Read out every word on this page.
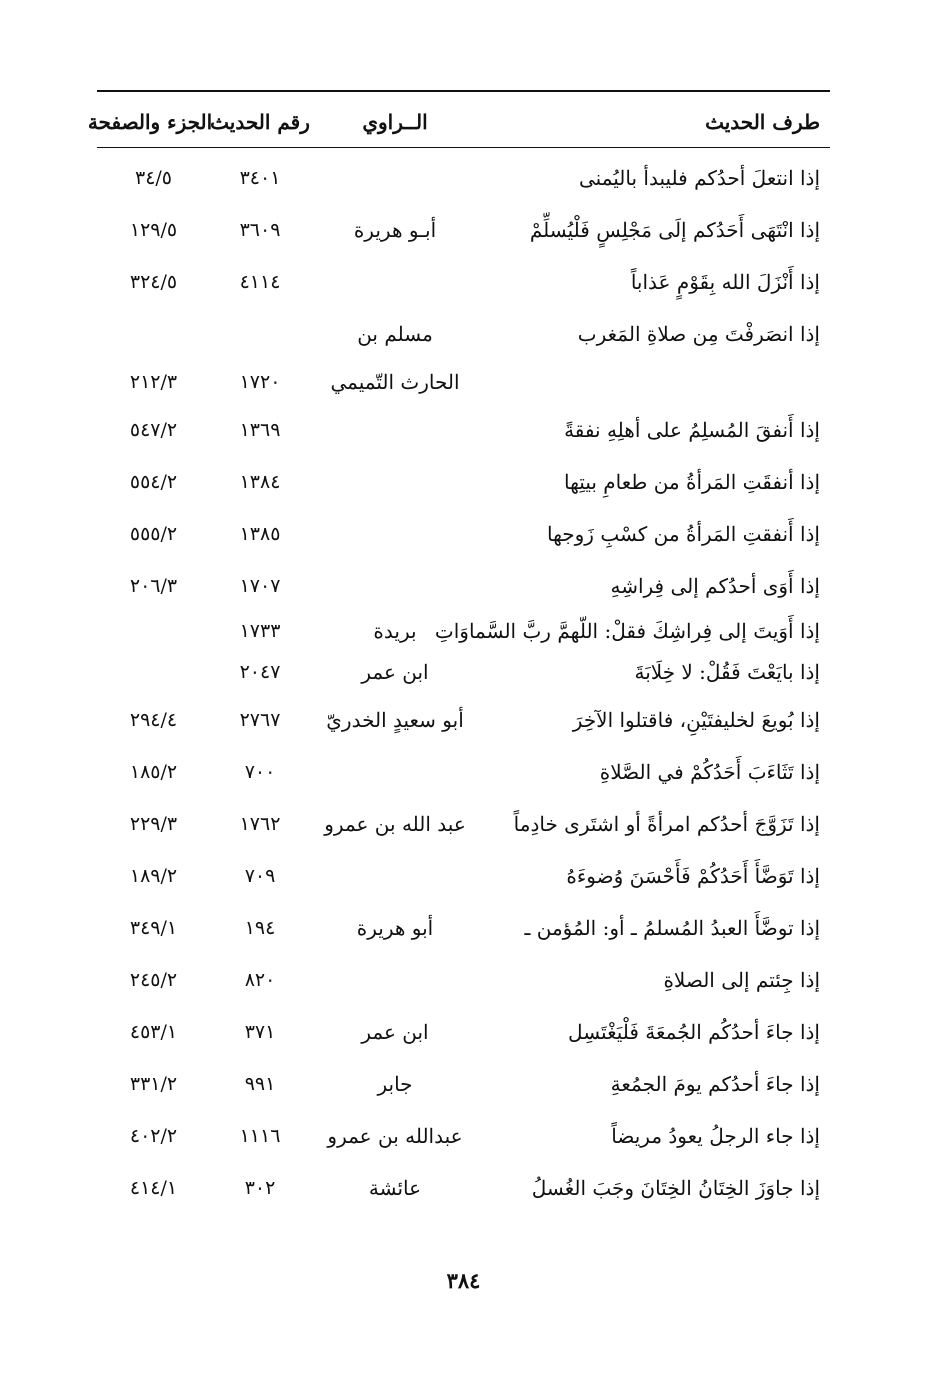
طرف الحديث
الــراوي
رقم الحديث
الجزء والصفحة
إذا انتعلَ أحدُكم فليبدأ باليُمنى
٣٤٠١
٣٤/٥
إذا انْتَهَى أَحَدُكم إلَى مَجْلِسٍ فَلْيُسلِّمْ
أبـو هريرة
٣٦٠٩
١٢٩/٥
إذا أَنْزَلَ الله بِقَوْمٍ عَذاباً
٤١١٤
٣٢٤/٥
إذا انصَرفْتَ مِن صلاةِ المَغرب
مسلم بن
الحارث التّميمي
١٧٢٠
٢١٢/٣
إذا أَنفقَ المُسلِمُ على أهلِهِ نفقةً
١٣٦٩
٥٤٧/٢
إذا أنفقَتِ المَرأةُ من طعامِ بيتِها
١٣٨٤
٥٥٤/٢
إذا أَنفقتِ المَرأةُ من كسْبِ زَوجها
١٣٨٥
٥٥٥/٢
إذا أَوَى أحدُكم إلى فِراشِهِ
١٧٠٧
٢٠٦/٣
إذا أَوَيتَ إلى فِراشِكَ فقلْ: اللّهمَّ ربَّ السَّماوَاتِ
بريدة
١٧٣٣
إذا بايَعْتَ فَقُلْ: لا خِلَابَةَ
ابن عمر
٢٠٤٧
إذا بُويعَ لخليفتَيْنِ، فاقتلوا الآخِرَ
أبو سعيدٍ الخدريّ
٢٧٦٧
٢٩٤/٤
إذا تَثَاءَبَ أَحَدُكُمْ في الصَّلاةِ
٧٠٠
١٨٥/٢
إذا تَزَوَّجَ أحدُكم امرأةً أو اشتَرى خادِماً
عبد الله بن عمرو
١٧٦٢
٢٢٩/٣
إذا تَوَضَّأَ أَحَدُكُمْ فَأَحْسَنَ وُضوءَهُ
٧٠٩
١٨٩/٢
إذا توضَّأَ العبدُ المُسلمُ ـ أو: المُؤمن ـ
أبو هريرة
١٩٤
٣٤٩/١
إذا جِئتم إلى الصلاةِ
٨٢٠
٢٤٥/٢
إذا جاءَ أحدُكُم الجُمعَةَ فَلْيَغْتَسِل
ابن عمر
٣٧١
٤٥٣/١
إذا جاءَ أحدُكم يومَ الجمُعةِ
جابر
٩٩١
٣٣١/٢
إذا جاء الرجلُ يعودُ مريضاً
عبدالله بن عمرو
١١١٦
٤٠٢/٢
إذا جاوَزَ الخِتَانُ الخِتَانَ وجَبَ الغُسلُ
عائشة
٣٠٢
٤١٤/١
٣٨٤
